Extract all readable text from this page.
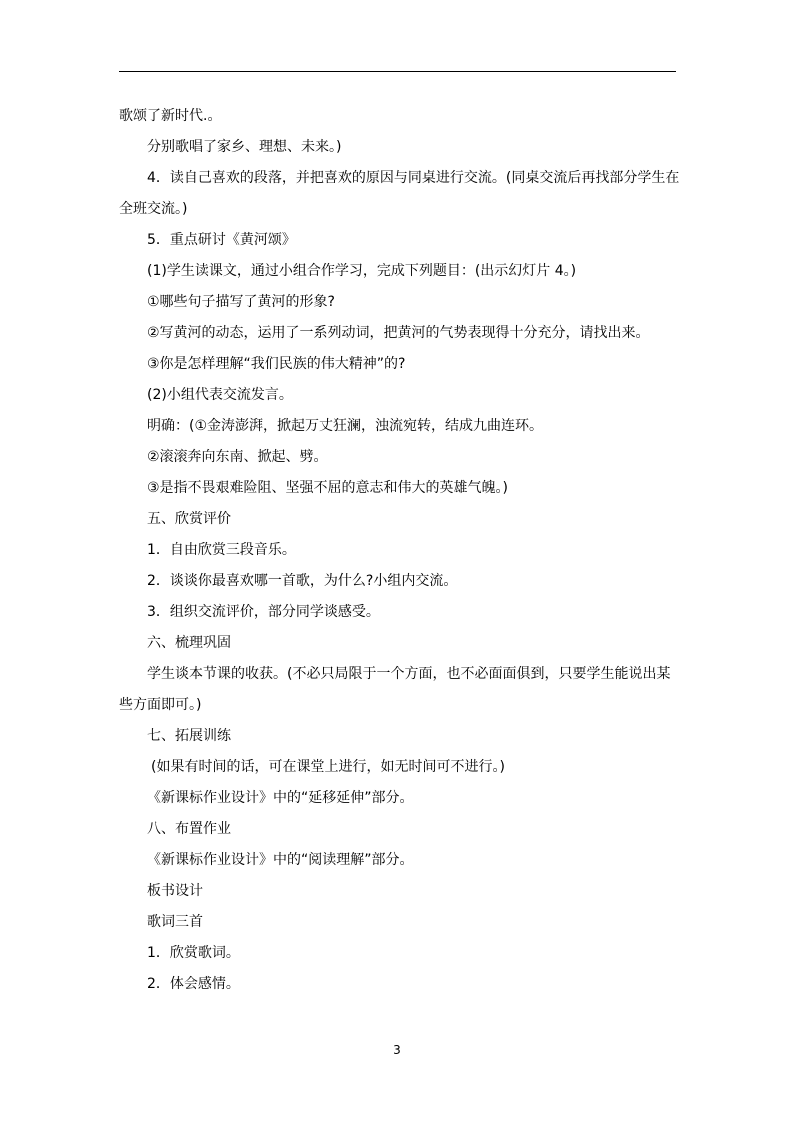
歌颂了新时代.。
分别歌唱了家乡、理想、未来。)
4．读自己喜欢的段落，并把喜欢的原因与同桌进行交流。(同桌交流后再找部分学生在
全班交流。)
5．重点研讨《黄河颂》
(1)学生读课文，通过小组合作学习，完成下列题目：(出示幻灯片 4。)
①哪些句子描写了黄河的形象?
②写黄河的动态，运用了一系列动词，把黄河的气势表现得十分充分，请找出来。
③你是怎样理解“我们民族的伟大精神”的?
(2)小组代表交流发言。
明确：(①金涛澎湃，掀起万丈狂澜，浊流宛转，结成九曲连环。
②滚滚奔向东南、掀起、劈。
③是指不畏艰难险阻、坚强不屈的意志和伟大的英雄气魄。)
五、欣赏评价
1．自由欣赏三段音乐。
2．谈谈你最喜欢哪一首歌，为什么?小组内交流。
3．组织交流评价，部分同学谈感受。
六、梳理巩固
学生谈本节课的收获。(不必只局限于一个方面，也不必面面俱到，只要学生能说出某
些方面即可。)
七、拓展训练
(如果有时间的话，可在课堂上进行，如无时间可不进行。)
《新课标作业设计》中的“延移延伸”部分。
八、布置作业
《新课标作业设计》中的“阅读理解”部分。
板书设计
歌词三首
1．欣赏歌词。
2．体会感情。
3
